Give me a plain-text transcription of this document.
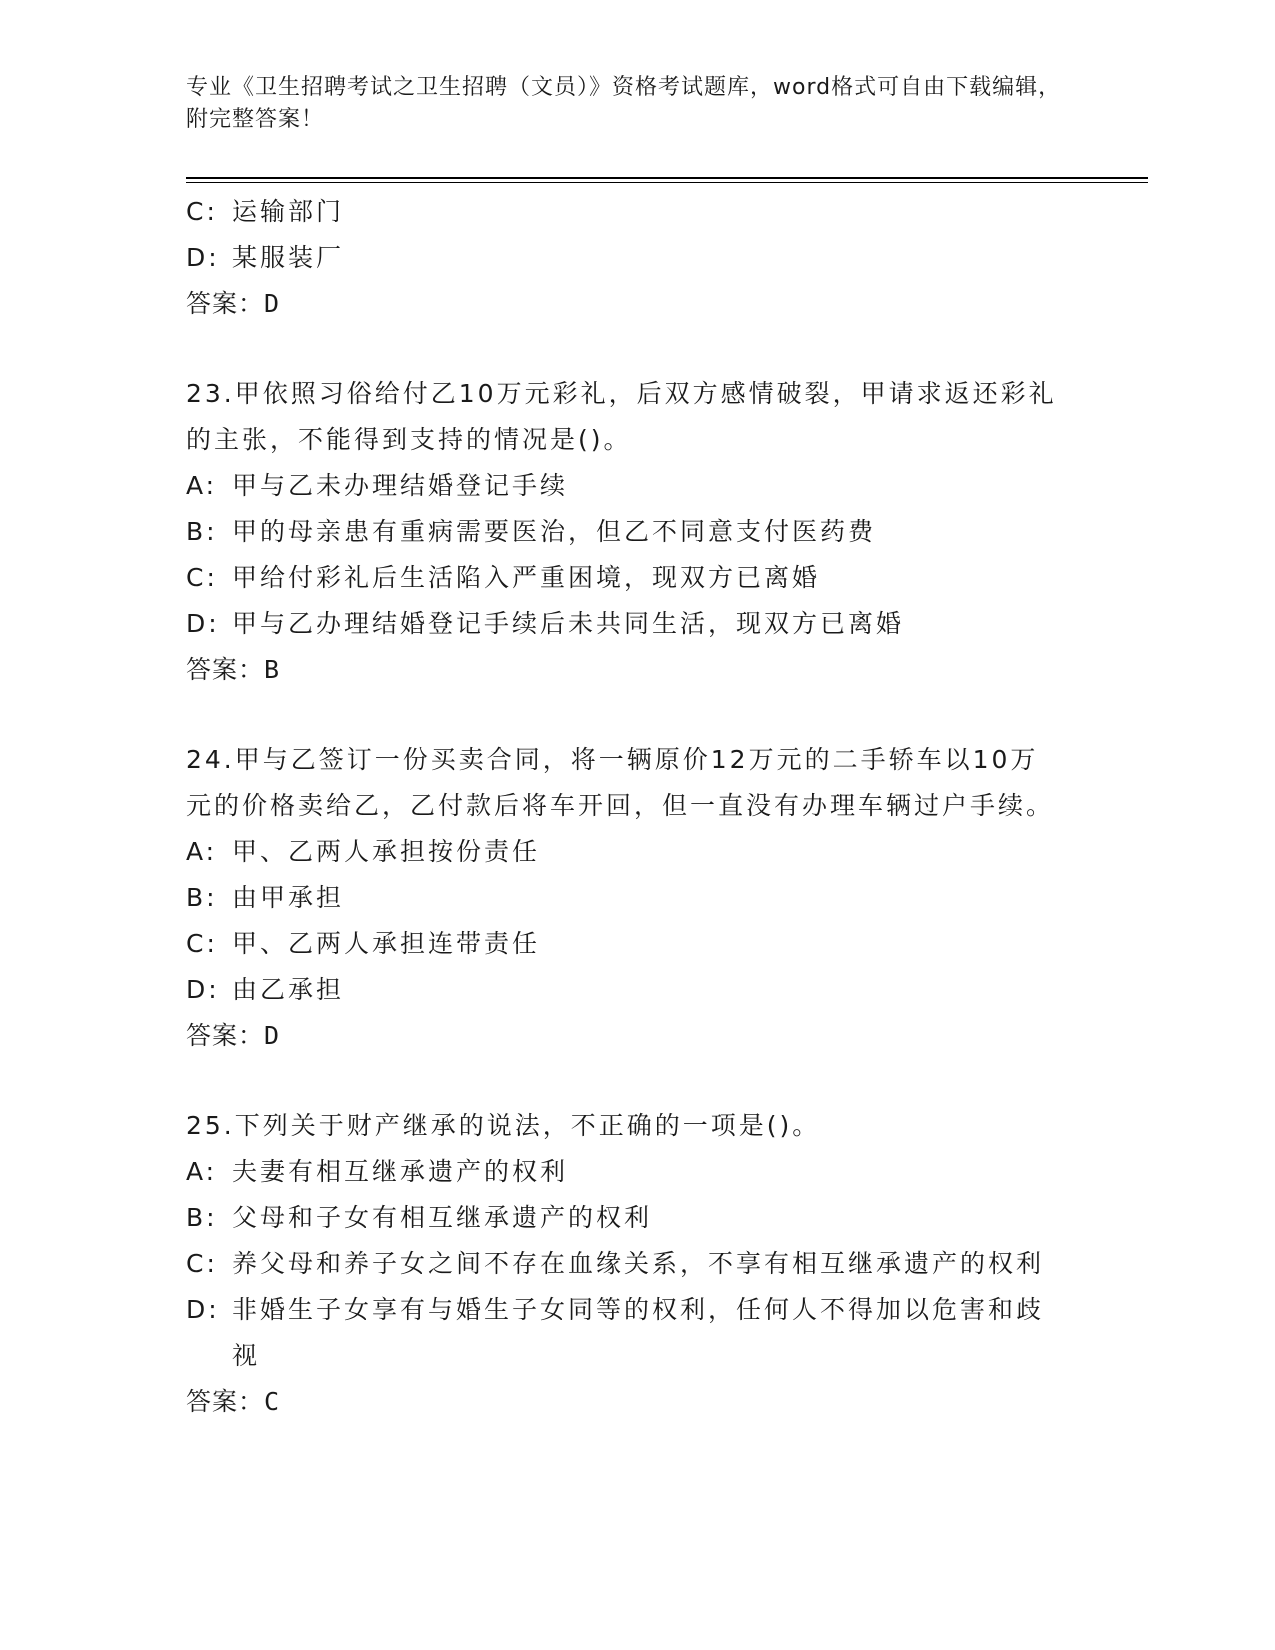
专业《卫生招聘考试之卫生招聘（文员）》资格考试题库，word格式可自由下载编辑，附完整答案！
C: 运输部门
D: 某服装厂
答案：D
23.甲依照习俗给付乙10万元彩礼，后双方感情破裂，甲请求返还彩礼的主张，不能得到支持的情况是()。
A: 甲与乙未办理结婚登记手续
B: 甲的母亲患有重病需要医治，但乙不同意支付医药费
C: 甲给付彩礼后生活陷入严重困境，现双方已离婚
D: 甲与乙办理结婚登记手续后未共同生活，现双方已离婚
答案：B
24.甲与乙签订一份买卖合同，将一辆原价12万元的二手轿车以10万元的价格卖给乙，乙付款后将车开回，但一直没有办理车辆过户手续。
A: 甲、乙两人承担按份责任
B: 由甲承担
C: 甲、乙两人承担连带责任
D: 由乙承担
答案：D
25.下列关于财产继承的说法，不正确的一项是()。
A: 夫妻有相互继承遗产的权利
B: 父母和子女有相互继承遗产的权利
C: 养父母和养子女之间不存在血缘关系，不享有相互继承遗产的权利
D: 非婚生子女享有与婚生子女同等的权利，任何人不得加以危害和歧视
答案：C
